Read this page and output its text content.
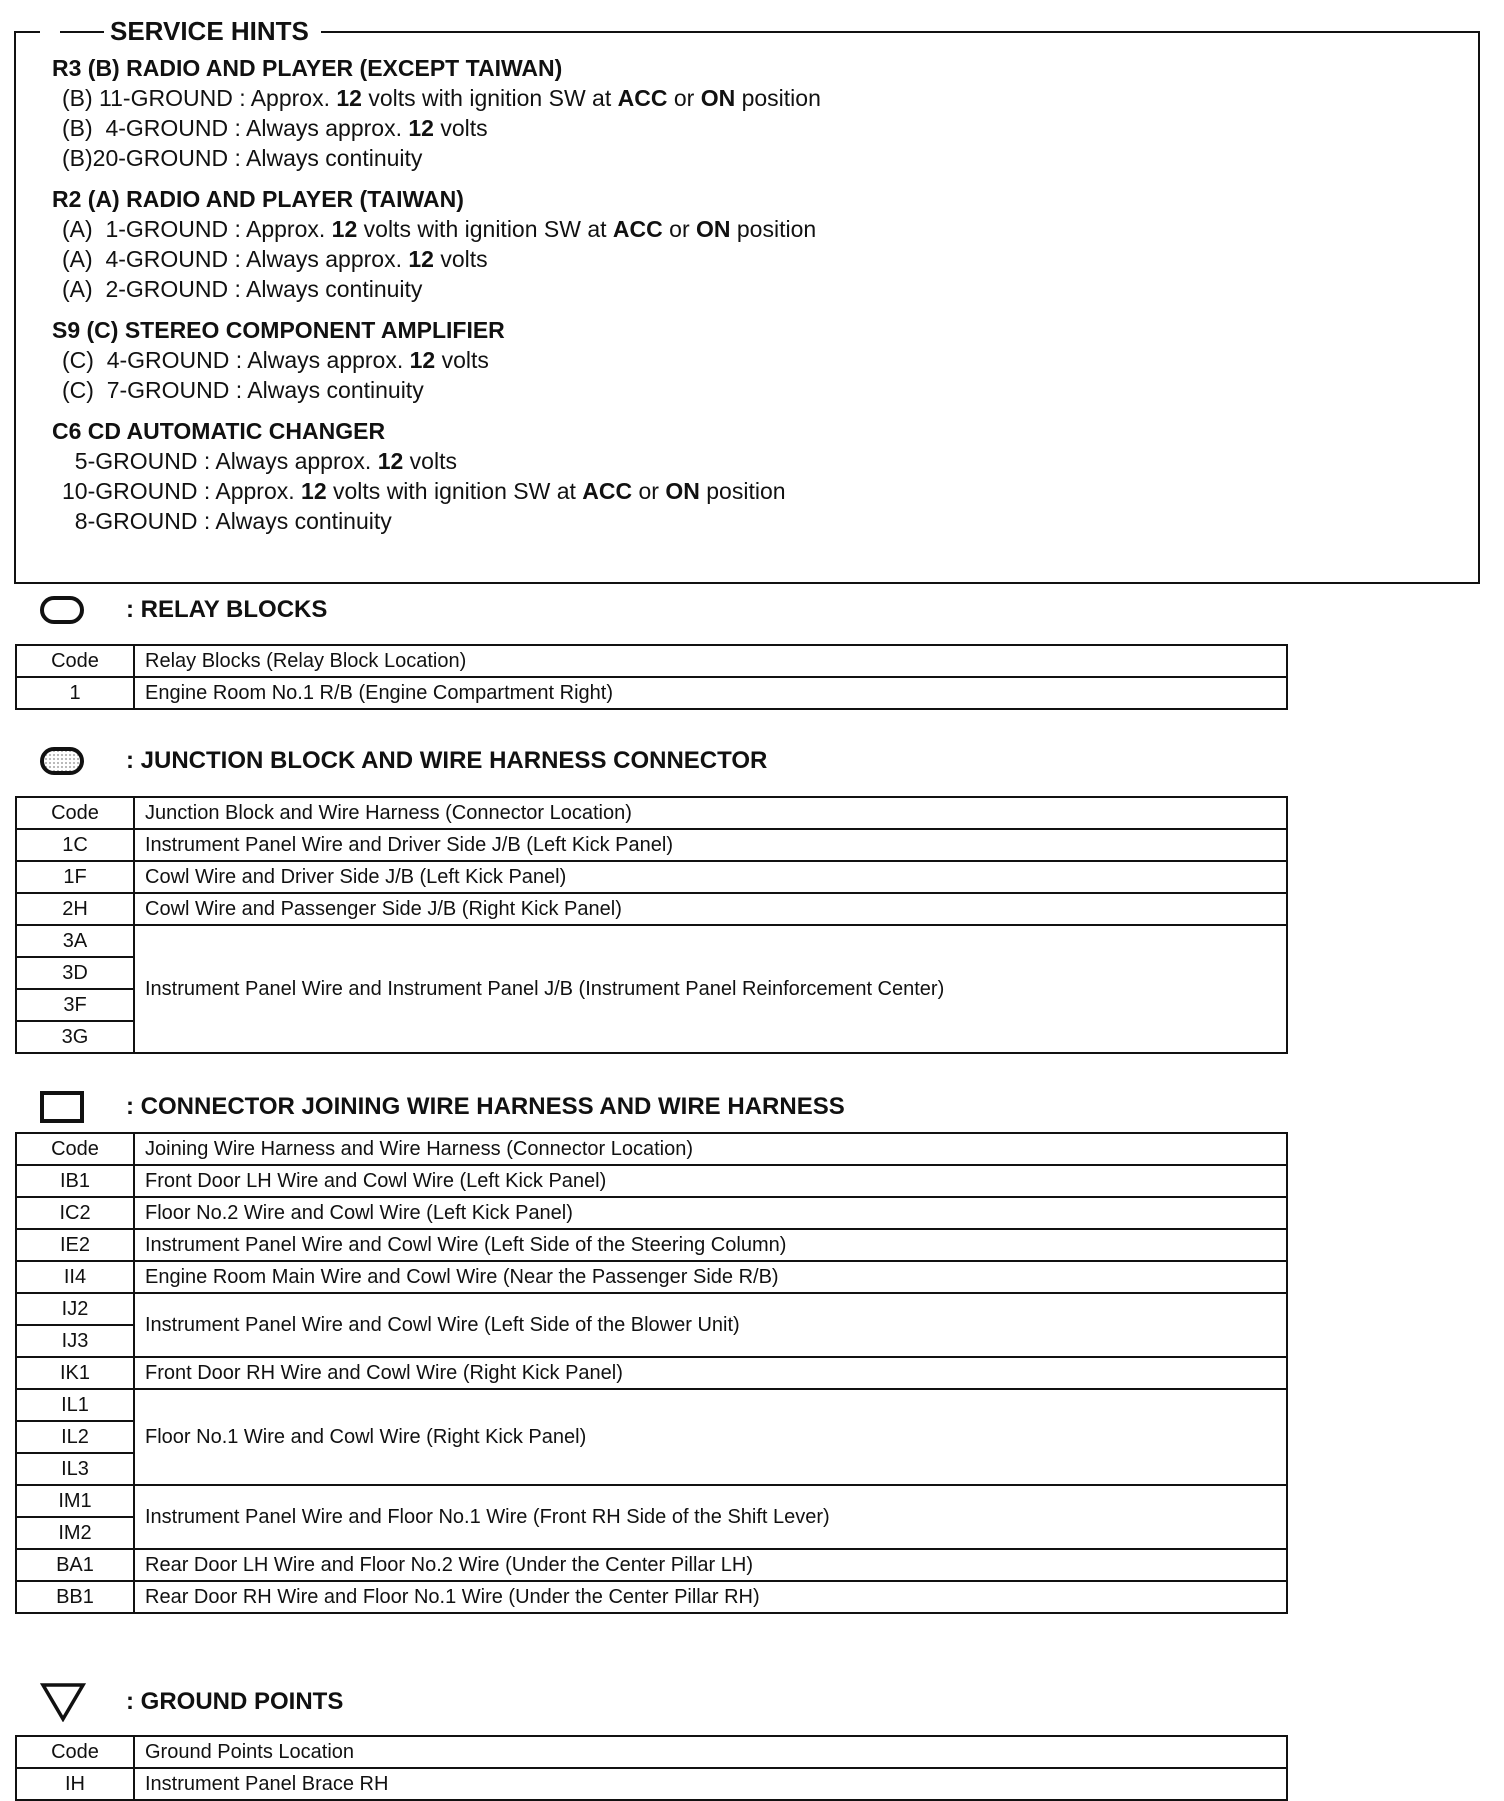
R3 (B) RADIO AND PLAYER (EXCEPT TAIWAN)

(B) 11-GROUND : Approx. 12 volts with ignition SW at ACC or ON position

(B)  4-GROUND : Always approx. 12 volts

(B)20-GROUND : Always continuity

R2 (A) RADIO AND PLAYER (TAIWAN)

(A)  1-GROUND : Approx. 12 volts with ignition SW at ACC or ON position

(A)  4-GROUND : Always approx. 12 volts

(A)  2-GROUND : Always continuity

S9 (C) STEREO COMPONENT AMPLIFIER

(C)  4-GROUND : Always approx. 12 volts

(C)  7-GROUND : Always continuity

C6 CD AUTOMATIC CHANGER

5-GROUND : Always approx. 12 volts

10-GROUND : Approx. 12 volts with ignition SW at ACC or ON position

8-GROUND : Always continuity

SERVICE HINTS
: RELAY BLOCKS
Code	Relay Blocks (Relay Block Location)
1	Engine Room No.1 R/B (Engine Compartment Right)
: JUNCTION BLOCK AND WIRE HARNESS CONNECTOR
Code	Junction Block and Wire Harness (Connector Location)
1C	Instrument Panel Wire and Driver Side J/B (Left Kick Panel)
1F	Cowl Wire and Driver Side J/B (Left Kick Panel)
2H	Cowl Wire and Passenger Side J/B (Right Kick Panel)
3A	Instrument Panel Wire and Instrument Panel J/B (Instrument Panel Reinforcement Center)
3D	
3F	
3G	
: CONNECTOR JOINING WIRE HARNESS AND WIRE HARNESS
Code	Joining Wire Harness and Wire Harness (Connector Location)
IB1	Front Door LH Wire and Cowl Wire (Left Kick Panel)
IC2	Floor No.2 Wire and Cowl Wire (Left Kick Panel)
IE2	Instrument Panel Wire and Cowl Wire (Left Side of the Steering Column)
II4	Engine Room Main Wire and Cowl Wire (Near the Passenger Side R/B)
IJ2	Instrument Panel Wire and Cowl Wire (Left Side of the Blower Unit)
IJ3	
IK1	Front Door RH Wire and Cowl Wire (Right Kick Panel)
IL1	Floor No.1 Wire and Cowl Wire (Right Kick Panel)
IL2	
IL3	
IM1	Instrument Panel Wire and Floor No.1 Wire (Front RH Side of the Shift Lever)
IM2	
BA1	Rear Door LH Wire and Floor No.2 Wire (Under the Center Pillar LH)
BB1	Rear Door RH Wire and Floor No.1 Wire (Under the Center Pillar RH)
: GROUND POINTS
Code	Ground Points Location
IH	Instrument Panel Brace RH
